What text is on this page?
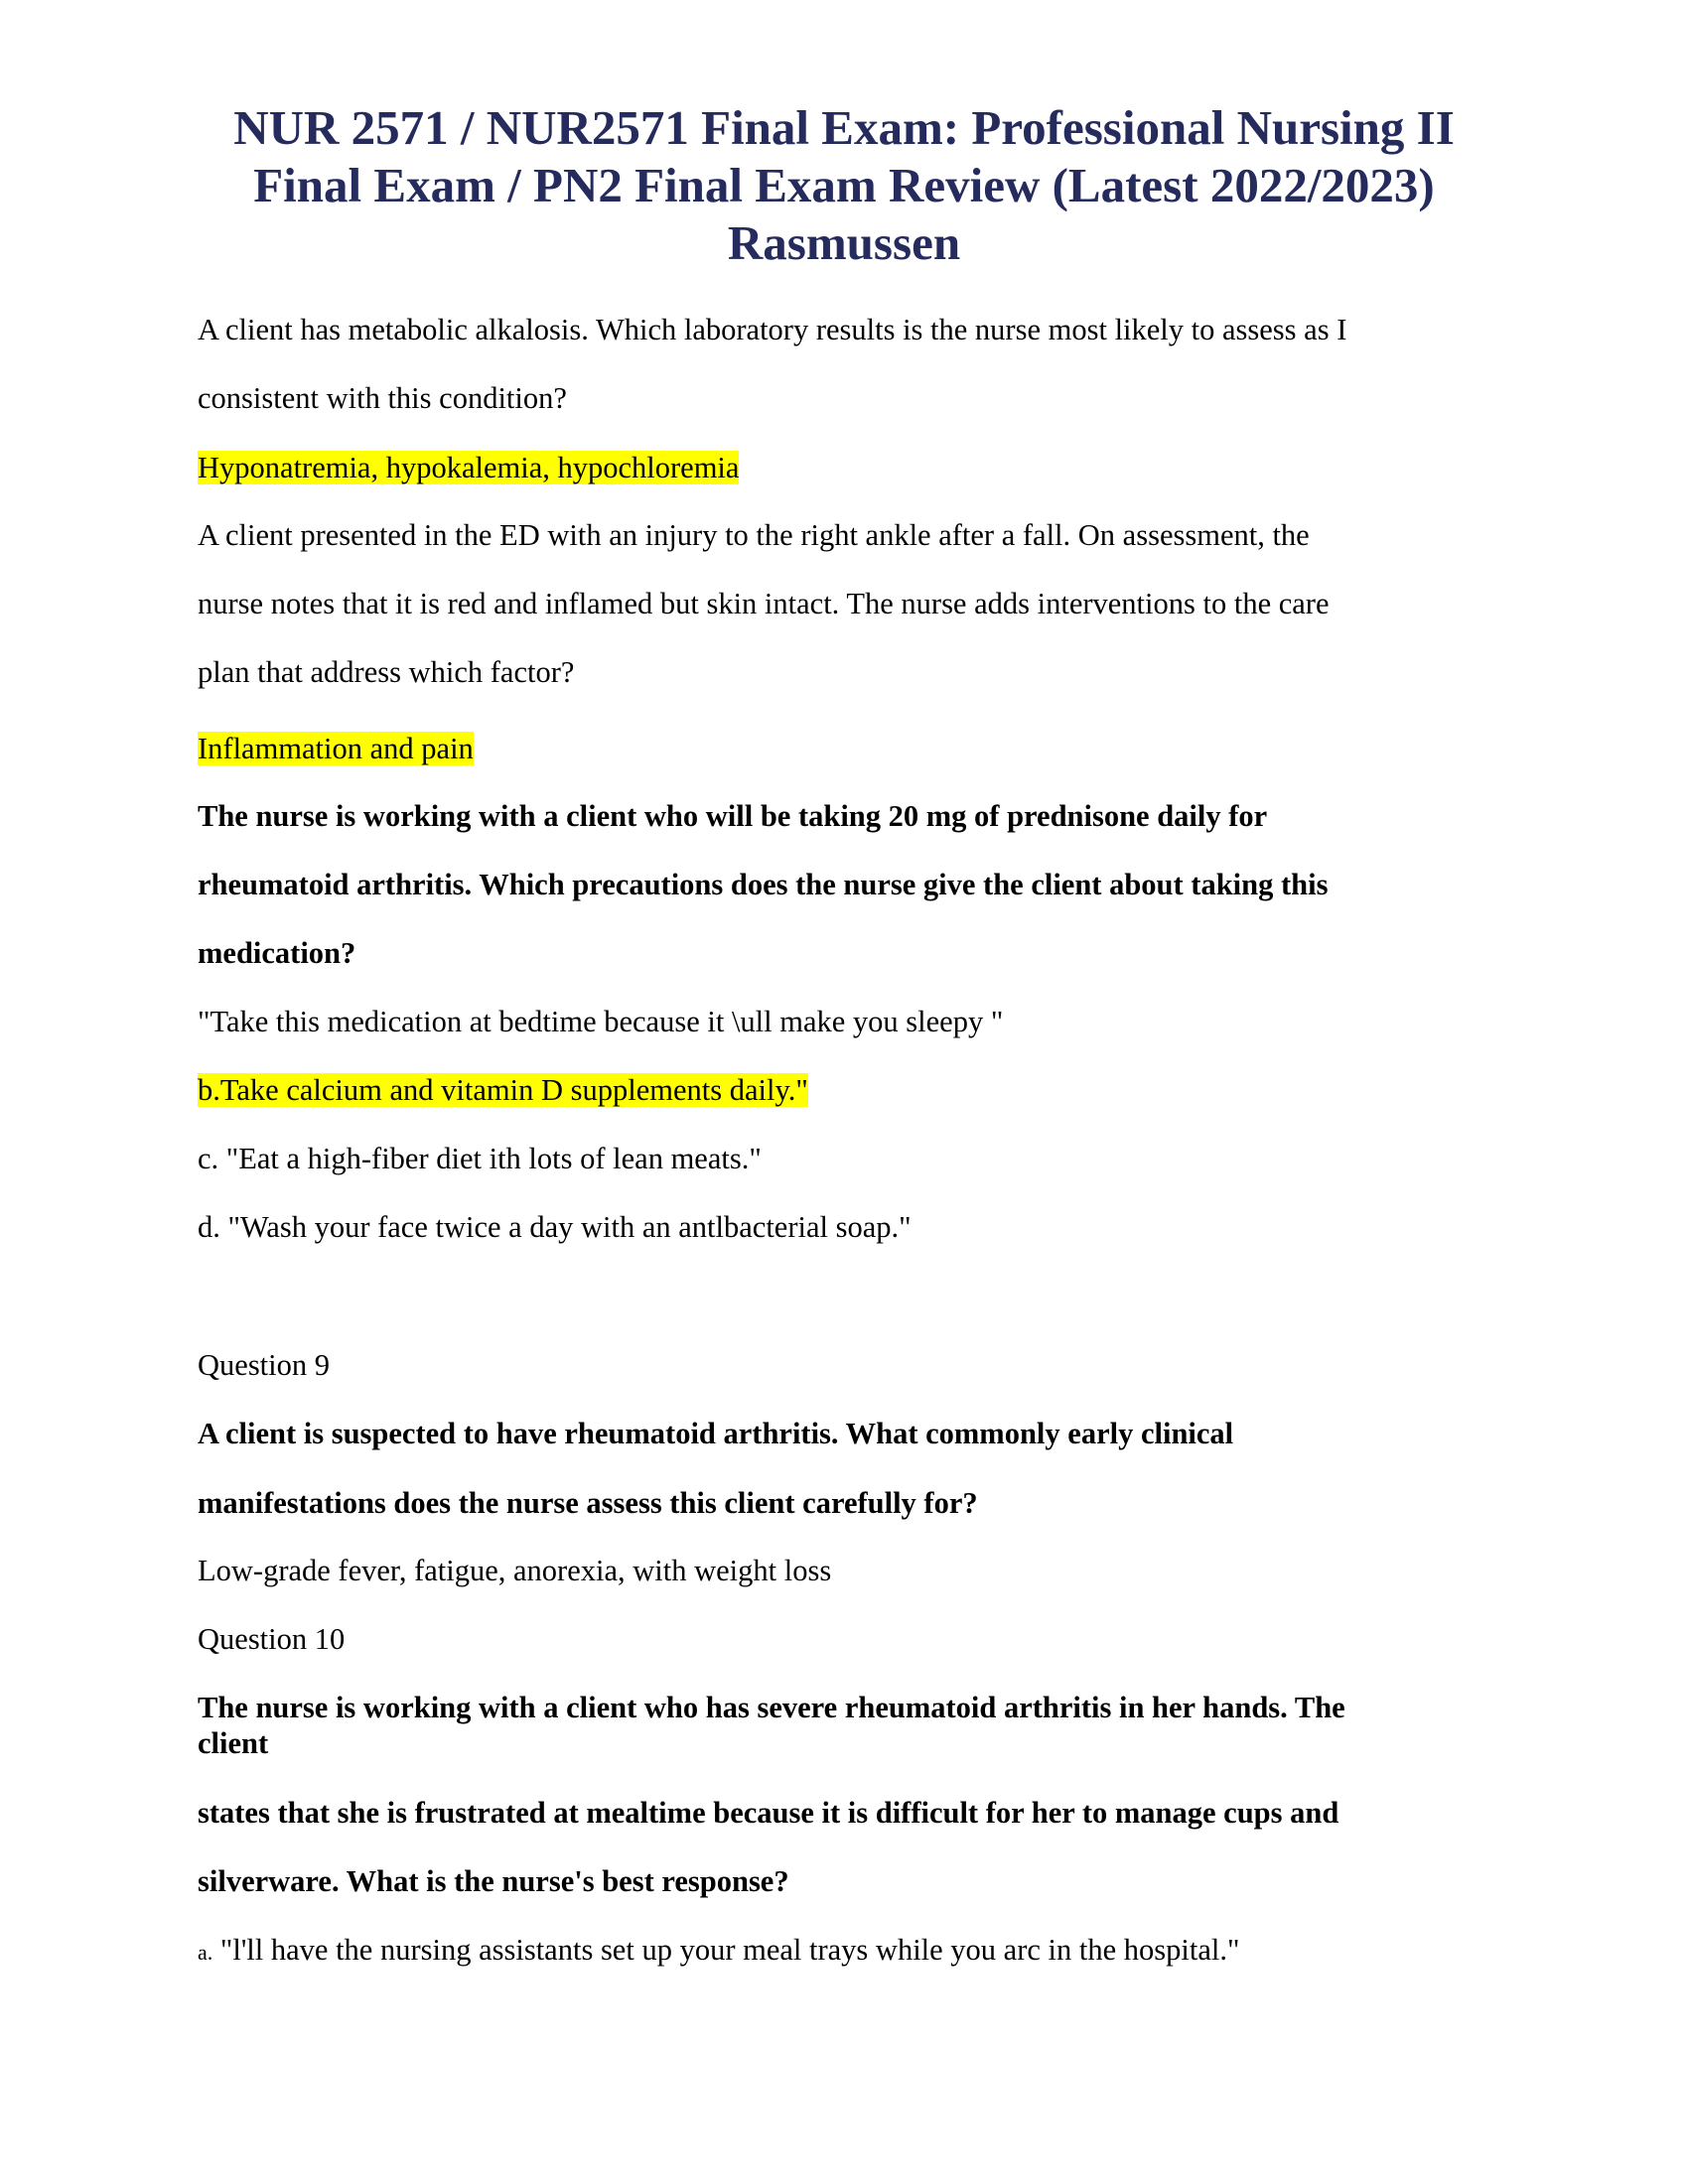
NUR 2571 / NUR2571 Final Exam: Professional Nursing II
Final Exam / PN2 Final Exam Review (Latest 2022/2023)
Rasmussen
A client has metabolic alkalosis. Which laboratory results is the nurse most likely to assess as I
consistent with this condition?
Hyponatremia, hypokalemia, hypochloremia
A client presented in the ED with an injury to the right ankle after a fall. On assessment, the
nurse notes that it is red and inflamed but skin intact. The nurse adds interventions to the care
plan that address which factor?
Inflammation and pain
The nurse is working with a client who will be taking 20 mg of prednisone daily for
rheumatoid arthritis. Which precautions does the nurse give the client about taking this
medication?
"Take this medication at bedtime because it \ull make you sleepy "
b.Take calcium and vitamin D supplements daily."
c. "Eat a high-fiber diet ith lots of lean meats."
d. "Wash your face twice a day with an antlbacterial soap."
Question 9
A client is suspected to have rheumatoid arthritis. What commonly early clinical
manifestations does the nurse assess this client carefully for?
Low-grade fever, fatigue, anorexia, with weight loss
Question 10
The nurse is working with a client who has severe rheumatoid arthritis in her hands. The
client
states that she is frustrated at mealtime because it is difficult for her to manage cups and
silverware. What is the nurse's best response?
a. "l'll have the nursing assistants set up your meal trays while you arc in the hospital."
